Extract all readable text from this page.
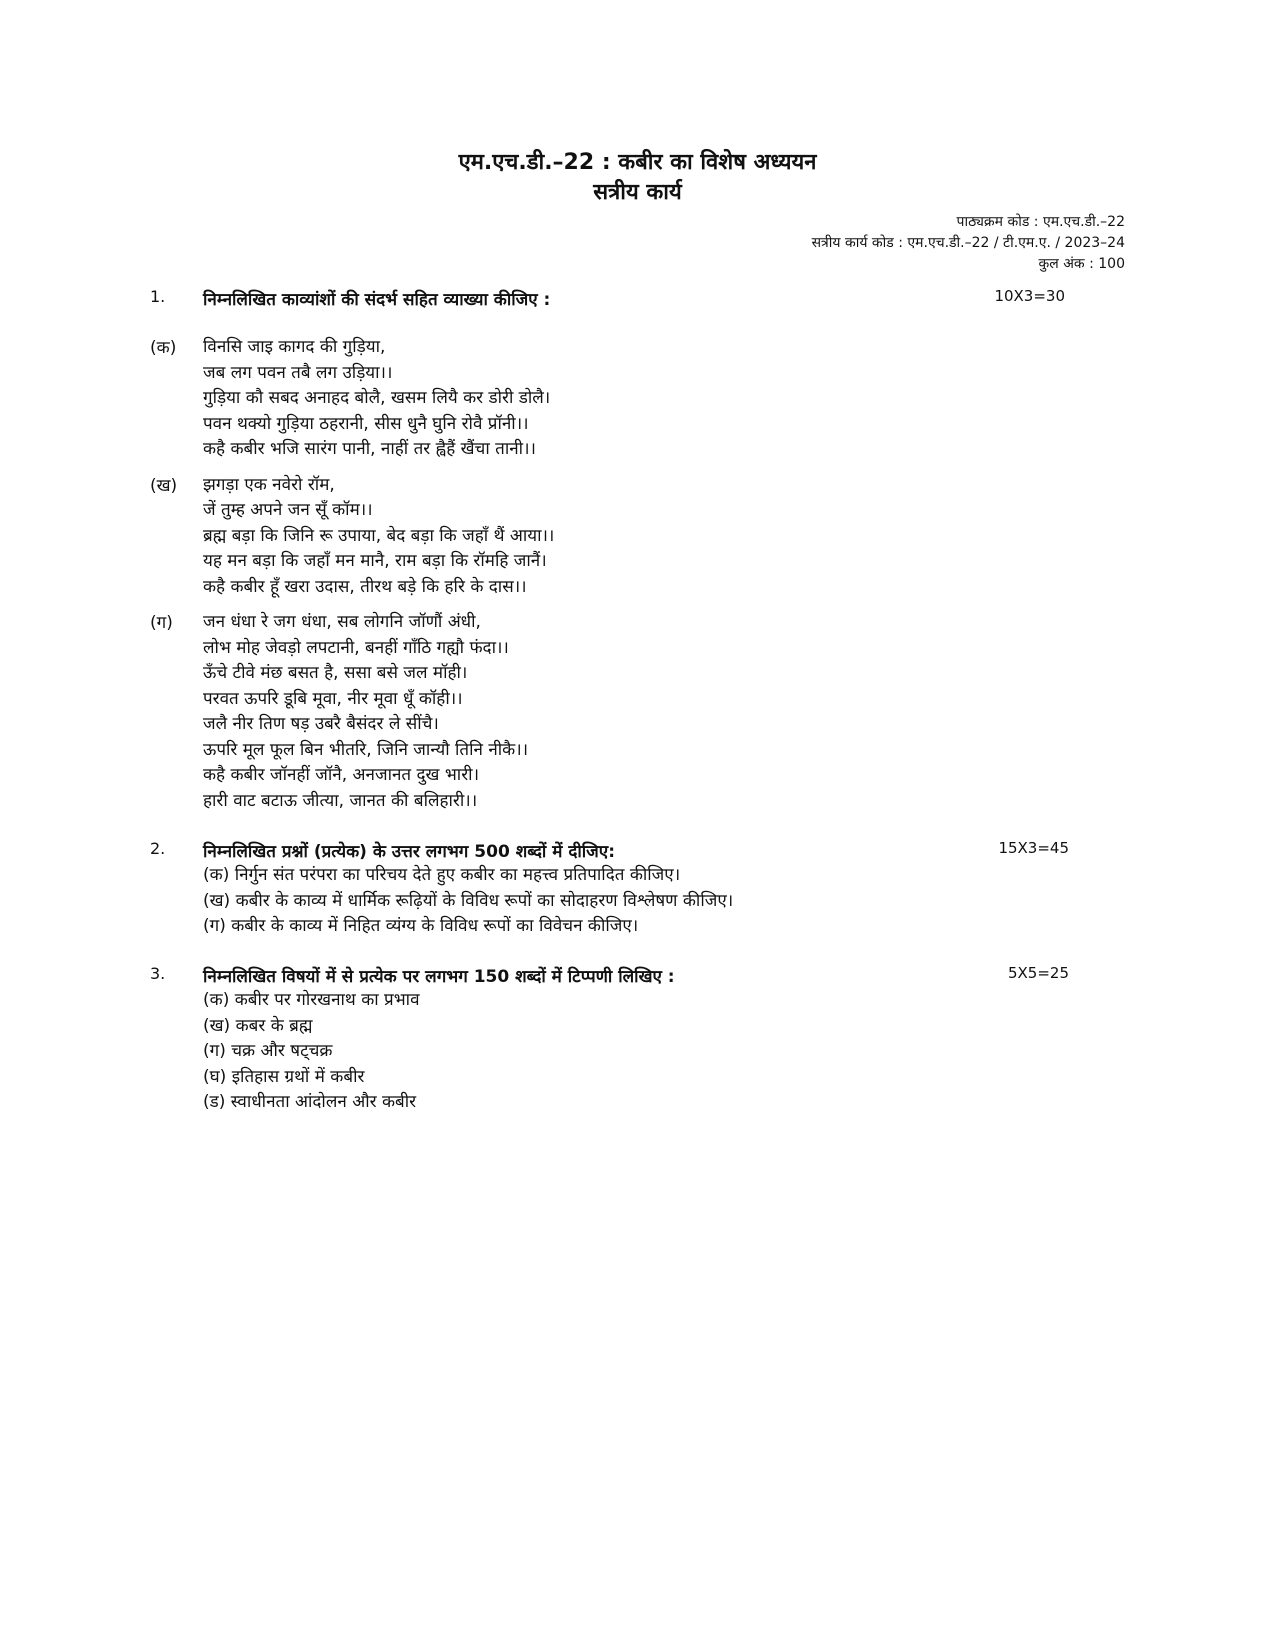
एम.एच.डी.–22 : कबीर का विशेष अध्ययन

सत्रीय कार्य

पाठ्यक्रम कोड : एम.एच.डी.–22
सत्रीय कार्य कोड : एम.एच.डी.–22 / टी.एम.ए. / 2023–24
कुल अंक : 100
1. निम्नलिखित काव्यांशों की संदर्भ सहित व्याख्या कीजिए :	10X3=30
(क) विनसि जाइ कागद की गुड़िया,
जब लग पवन तबै लग उड़िया।।
गुड़िया कौ सबद अनाहद बोलै, खसम लियै कर डोरी डोलै।
पवन थक्यो गुड़िया ठहरानी, सीस धुनै घुनि रोवै प्रॉनी।।
कहै कबीर भजि सारंग पानी, नाहीं तर ह्वैहैं खैंचा तानी।।
(ख) झगड़ा एक नवेरो रॉम,
जें तुम्ह अपने जन सूँ कॉम।।
ब्रह्म बड़ा कि जिनि रू उपाया, बेद बड़ा कि जहाँ थैं आया।।
यह मन बड़ा कि जहाँ मन मानै, राम बड़ा कि रॉमहि जानैं।
कहै कबीर हूँ खरा उदास, तीरथ बड़े कि हरि के दास।।
(ग) जन धंधा रे जग धंधा, सब लोगनि जॉणौं अंधी,
लोभ मोह जेवड़ो लपटानी, बनहीं गाँठि गह्यौ फंदा।।
ऊँचे टीवे मंछ बसत है, ससा बसे जल मॉही।
परवत ऊपरि डूबि मूवा, नीर मूवा धूँ कॉही।।
जलै नीर तिण षड़ उबरै बैसंदर ले सींचै।
ऊपरि मूल फूल बिन भीतरि, जिनि जान्यौ तिनि नीकै।।
कहै कबीर जॉनहीं जॉनै, अनजानत दुख भारी।
हारी वाट बटाऊ जीत्या, जानत की बलिहारी।।
2. निम्नलिखित प्रश्नों (प्रत्येक) के उत्तर लगभग 500 शब्दों में दीजिए:	15X3=45
(क) निर्गुन संत परंपरा का परिचय देते हुए कबीर का महत्त्व प्रतिपादित कीजिए।
(ख) कबीर के काव्य में धार्मिक रूढ़ियों के विविध रूपों का सोदाहरण विश्लेषण कीजिए।
(ग) कबीर के काव्य में निहित व्यंग्य के विविध रूपों का विवेचन कीजिए।
3. निम्नलिखित विषयों में से प्रत्येक पर लगभग 150 शब्दों में टिप्पणी लिखिए :	5X5=25
(क) कबीर पर गोरखनाथ का प्रभाव
(ख) कबर के ब्रह्म
(ग) चक्र और षट्चक्र
(घ) इतिहास ग्रथों में कबीर
(ड) स्वाधीनता आंदोलन और कबीर
